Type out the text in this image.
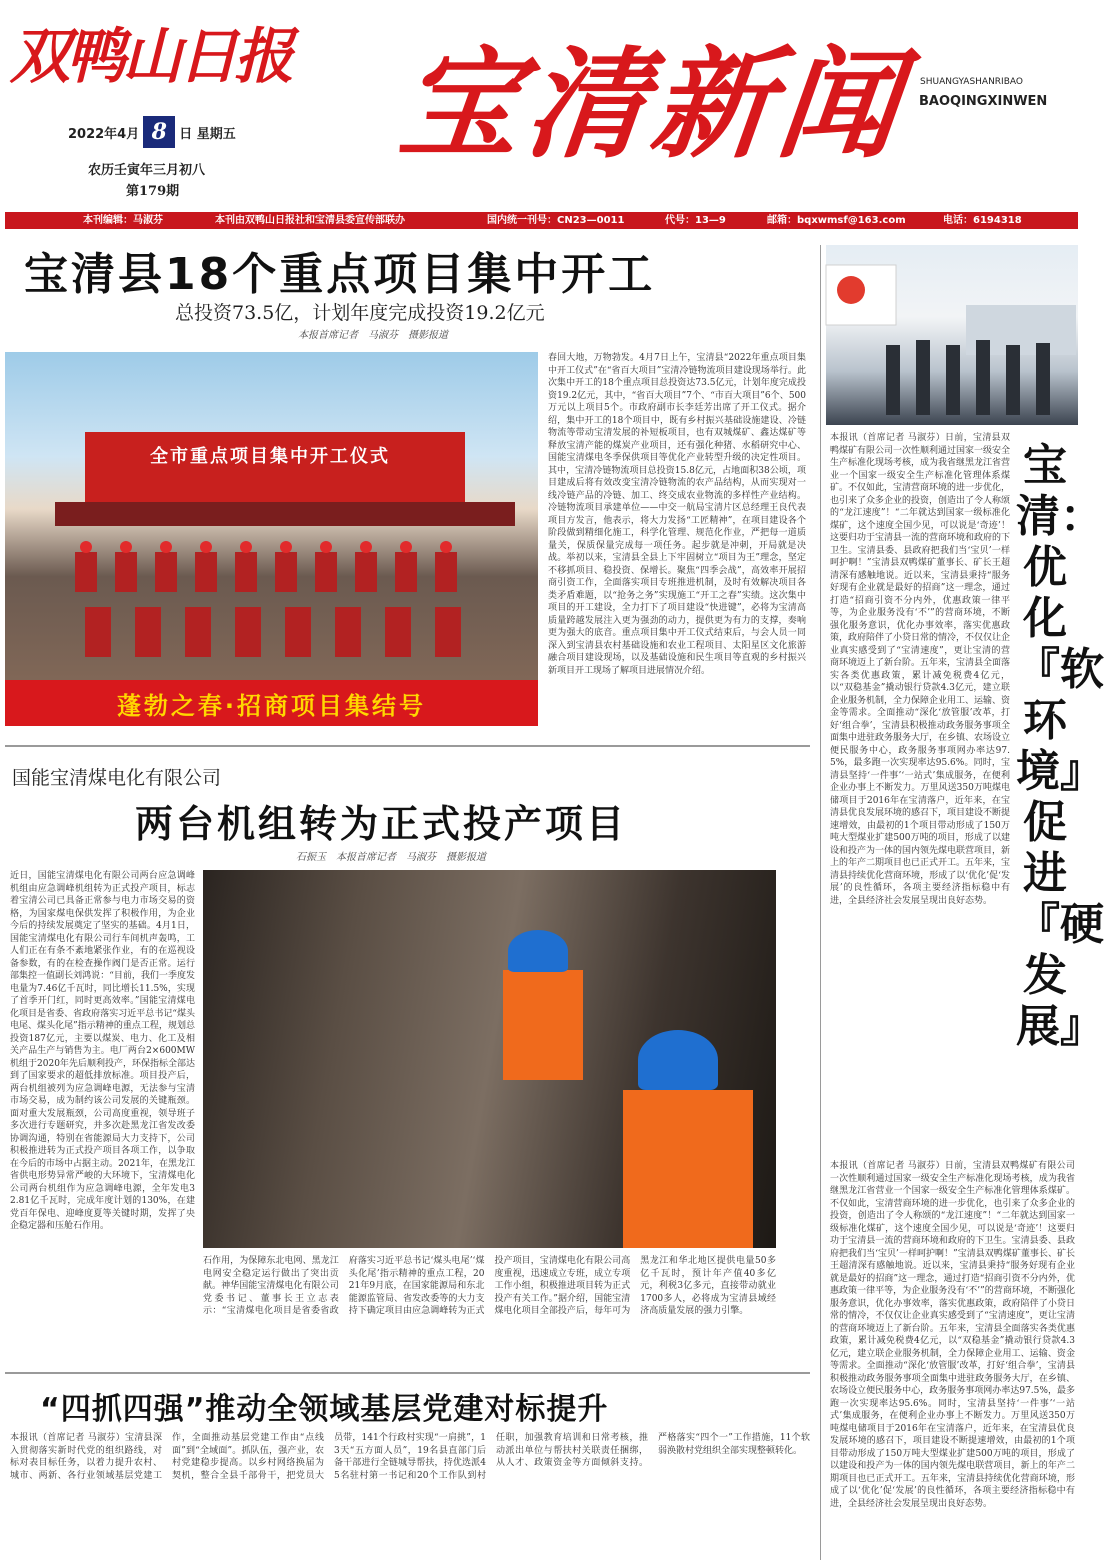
双鸭山日报 宝清新闻 SHUANGYASHANRIBAO
BAOQINGXINWEN
2022年4月 8 日 星期五
农历壬寅年三月初八
第179期
本刊编辑：马淑芬	本刊由双鸭山日报社和宝清县委宣传部联办	国内统一刊号：CN23—0011	代号：13—9	邮箱：bqxwmsf@163.com	电话：6194318
宝清县18个重点项目集中开工
总投资73.5亿，计划年度完成投资19.2亿元
本报首席记者　马淑芬　摄影报道
全市重点项目集中开工仪式
蓬勃之春·招商项目集结号
春回大地，万物勃发。4月7日上午，宝清县“2022年重点项目集中开工仪式”在“省百大项目”宝清冷链物流项目建设现场举行。此次集中开工的18个重点项目总投资达73.5亿元，计划年度完成投资19.2亿元，其中，“省百大项目”7个、“市百大项目”6个、500万元以上项目5个。市政府副市长李廷芳出席了开工仪式。据介绍，集中开工的18个项目中，既有乡村振兴基础设施建设、冷链物流等带动宝清发展的补短板项目，也有双城煤矿、鑫达煤矿等释放宝清产能的煤炭产业项目，还有强化种猪、水稻研究中心、国能宝清煤电冬季保供项目等优化产业转型升级的决定性项目。其中，宝清冷链物流项目总投资15.8亿元，占地面积38公顷，项目建成后将有效改变宝清冷链物流的农产品结构，从而实现对一线冷链产品的冷链、加工、终交成农业物流的多样性产业结构。冷链物流项目承建单位——中交一航局宝清片区总经理王良代表项目方发言，他表示，将大力发扬“工匠精神”，在项目建设各个阶段做到精细化施工，科学化管理、规范化作业，严把每一道质量关，保质保量完成每一项任务。起步就是冲刺，开局就是决战。举初以来，宝清县全县上下牢固树立“项目为王”理念，坚定不移抓项目、稳投资、保增长。聚焦“四季会战”，高效率开展招商引资工作，全面落实项目专班推进机制，及时有效解决项目各类矛盾难题，以“抢务之务”实现施工“开工之春”实绩。这次集中项目的开工建设，全力打下了项目建设“快进键”，必将为宝清高质量跨越发展注入更为强劲的动力，提供更为有力的支撑，奏响更为强大的底音。重点项目集中开工仪式结束后，与会人员一同深入到宝清县农村基础设施和农业工程项目、太阳星区文化旅游融合项目建设现场，以及基础设施和民生项目等直观的乡村振兴新项目开工现场了解项目进展情况介绍。
本报讯（首席记者 马淑芬）日前，宝清县双鸭煤矿有限公司一次性顺利通过国家一级安全生产标准化现场考核，成为我省继黑龙江省营业一个国家一级安全生产标准化管理体系煤矿。不仅如此，宝清营商环境的进一步优化，也引来了众多企业的投资，创造出了令人称颂的“龙江速度”！“二年就达到国家一级标准化煤矿，这个速度全国少见，可以说是‘奇迹’！这要归功于宝清县一流的营商环境和政府的下卫生。宝清县委、县政府把我们当‘宝贝’一样呵护啊！”宝清县双鸭煤矿董事长、矿长王超清深有感触地说。近以来，宝清县秉持“服务好现有企业就是最好的招商”这一理念，通过打造“招商引资不分内外，优惠政策一律平等，为企业服务没有‘不’”的营商环境，不断强化服务意识，优化办事效率，落实优惠政策，政府陪伴了小贷日常的情冷，不仅仅让企业真实感受到了“宝清速度”，更让宝清的营商环境迈上了新台阶。五年来，宝清县全面落实各类优惠政策，累计减免税费4亿元，以“双稳基金”撬动银行贷款4.3亿元，建立联企业服务机制，全力保障企业用工、运输、资金等需求。全面推动“深化‘放管服’改革，打好‘组合拳’，宝清县积极推动政务服务事项全面集中进驻政务服务大厅，在乡镇、农场设立便民服务中心，政务服务事项网办率达97.5%，最多跑一次实现率达95.6%。同时，宝清县坚持‘一件事’‘一站式’集成服务，在便利企业办事上不断发力。万里风送350万吨煤电储项目于2016年在宝清落户，近年来，在宝清县优良发展环境的感召下，项目建设不断提速增效，由最初的1个项目带动形成了150万吨大型煤业扩建500万吨的项目，形成了以建设和投产为一体的国内领先煤电联营项目，新上的年产二期项目也已正式开工。五年来，宝清县持续优化营商环境，形成了以‘优化’促‘发展’的良性循环，各项主要经济指标稳中有进，全县经济社会发展呈现出良好态势。
宝清：优化『软环境』促进『硬发展』
本报讯（首席记者 马淑芬）日前，宝清县双鸭煤矿有限公司一次性顺利通过国家一级安全生产标准化现场考核，成为我省继黑龙江省营业一个国家一级安全生产标准化管理体系煤矿。不仅如此，宝清营商环境的进一步优化，也引来了众多企业的投资，创造出了令人称颂的“龙江速度”！“二年就达到国家一级标准化煤矿，这个速度全国少见，可以说是‘奇迹’！这要归功于宝清县一流的营商环境和政府的下卫生。宝清县委、县政府把我们当‘宝贝’一样呵护啊！”宝清县双鸭煤矿董事长、矿长王超清深有感触地说。近以来，宝清县秉持“服务好现有企业就是最好的招商”这一理念，通过打造“招商引资不分内外，优惠政策一律平等，为企业服务没有‘不’”的营商环境，不断强化服务意识，优化办事效率，落实优惠政策，政府陪伴了小贷日常的情冷，不仅仅让企业真实感受到了“宝清速度”，更让宝清的营商环境迈上了新台阶。五年来，宝清县全面落实各类优惠政策，累计减免税费4亿元，以“双稳基金”撬动银行贷款4.3亿元，建立联企业服务机制，全力保障企业用工、运输、资金等需求。全面推动“深化‘放管服’改革，打好‘组合拳’，宝清县积极推动政务服务事项全面集中进驻政务服务大厅，在乡镇、农场设立便民服务中心，政务服务事项网办率达97.5%，最多跑一次实现率达95.6%。同时，宝清县坚持‘一件事’‘一站式’集成服务，在便利企业办事上不断发力。万里风送350万吨煤电储项目于2016年在宝清落户，近年来，在宝清县优良发展环境的感召下，项目建设不断提速增效，由最初的1个项目带动形成了150万吨大型煤业扩建500万吨的项目，形成了以建设和投产为一体的国内领先煤电联营项目，新上的年产二期项目也已正式开工。五年来，宝清县持续优化营商环境，形成了以‘优化’促‘发展’的良性循环，各项主要经济指标稳中有进，全县经济社会发展呈现出良好态势。
国能宝清煤电化有限公司
两台机组转为正式投产项目
石振玉　本报首席记者　马淑芬　摄影报道
近日，国能宝清煤电化有限公司两台应急调峰机组由应急调峰机组转为正式投产项目，标志着宝清公司已具备正常参与电力市场交易的资格，为国家煤电保供发挥了积极作用，为企业今后的持续发展奠定了坚实的基础。4月1日，国能宝清煤电化有限公司行车间机声轰鸣，工人们正在有条不紊地紧张作业，有的在巡视设备参数，有的在检查操作阀门是否正常。运行部集控一值副长刘鸿说：“目前，我们一季度发电量为7.46亿千瓦时，同比增长11.5%，实现了首季开门红，同时更高效率。”国能宝清煤电化项目是省委、省政府落实习近平总书记“煤头电尾、煤头化尾”指示精神的重点工程，规划总投资187亿元，主要以煤炭、电力、化工及相关产品生产与销售为主。电厂两台2×600MW机组于2020年先后顺利投产，环保指标全部达到了国家要求的超低排放标准。项目投产后，两台机组被列为应急调峰电源，无法参与宝清市场交易，成为制约该公司发展的关键瓶颈。面对重大发展瓶颈，公司高度重视，领导班子多次进行专题研究，并多次赴黑龙江省发改委协调沟通，特别在省能源局大力支持下，公司积极推进转为正式投产项目各项工作，以争取在今后的市场中占据主动。2021年，在黑龙江省供电形势异常严峻的大环境下，宝清煤电化公司两台机组作为应急调峰电源，全年发电32.81亿千瓦时，完成年度计划的130%，在建党百年保电、迎峰度夏等关键时期，发挥了央企稳定器和压舱石作用。
石作用，为保障东北电网、黑龙江电网安全稳定运行做出了突出贡献。神华国能宝清煤电化有限公司党委书记、董事长王立志表示：“宝清煤电化项目是省委省政府落实习近平总书记‘煤头电尾’‘煤头化尾’指示精神的重点工程，2021年9月底，在国家能源局和东北能源监管局、省发改委等的大力支持下确定项目由应急调峰转为正式投产项目，宝清煤电化有限公司高度重视，迅速成立专班，成立专项工作小组，积极推进项目转为正式投产有关工作。”据介绍，国能宝清煤电化项目全部投产后，每年可为黑龙江和华北地区提供电量50多亿千瓦时，预计年产值40多亿元，利税3亿多元，直接带动就业1700多人，必将成为宝清县域经济高质量发展的强力引擎。
“四抓四强”推动全领域基层党建对标提升
本报讯（首席记者 马淑芬）宝清县深入贯彻落实新时代党的组织路线，对标对表目标任务，以着力提升农村、城市、两新、各行业领域基层党建工作，全面推动基层党建工作由“点线面”到“全域面”。抓队伍，强产业，农村党建稳步提高。以乡村网络换届为契机，整合全县千部骨干，把党员大员带，141个行政村实现“一肩挑”，13天“五方面人员”，19名县直部门后备干部进行全链城导帮扶，持优选派45名驻村第一书记和20个工作队到村任职，加强教育培训和日常考核，推动派出单位与帮扶村关联责任捆绑，从人才、政策资金等方面倾斜支持。严格落实“四个一”工作措施，11个软弱涣散村党组织全部实现整顿转化。
